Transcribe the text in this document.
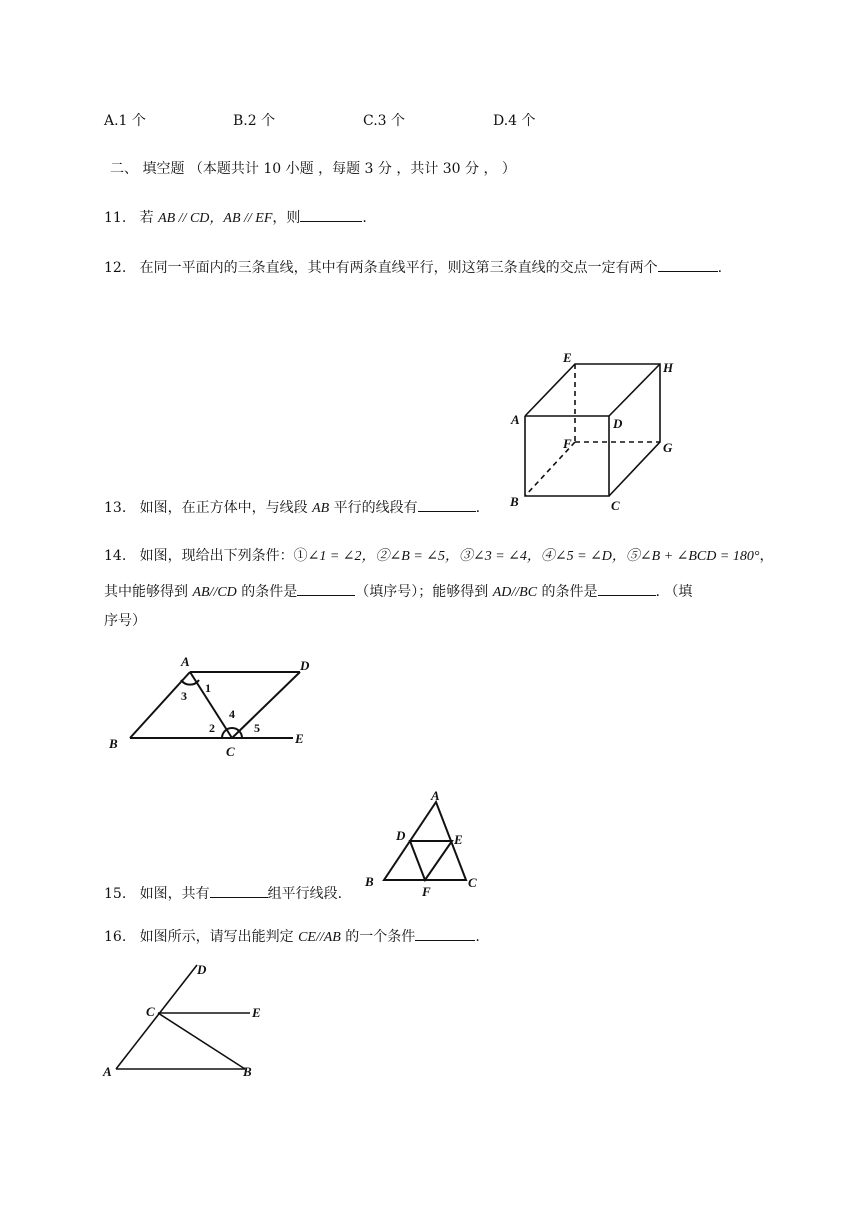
A.1 个	B.2 个	C.3 个	D.4 个
二、 填空题 （本题共计 10 小题 ，每题 3 分 ，共计 30 分 ， ）
11. 若 AB // CD，AB // EF，则	.
12. 在同一平面内的三条直线，其中有两条直线平行，则这第三条直线的交点一定有两个	.
E
H
A	D
F	G
B	C
13. 如图，在正方体中，与线段 AB 平行的线段有	.
14. 如图，现给出下列条件：①∠1 = ∠2，②∠B = ∠5，③∠3 = ∠4，④∠5 = ∠D，⑤∠B + ∠BCD = 180°，
其中能够得到 AB//CD 的条件是	（填序号）；能够得到 AD//BC 的条件是	. （填
序号）
A	D
B
C
E
1
3
2
4
5
A
D	E
B
F
C
15. 如图，共有	组平行线段.
16. 如图所示，请写出能判定 CE//AB 的一个条件	.
D
C	E
A	B
